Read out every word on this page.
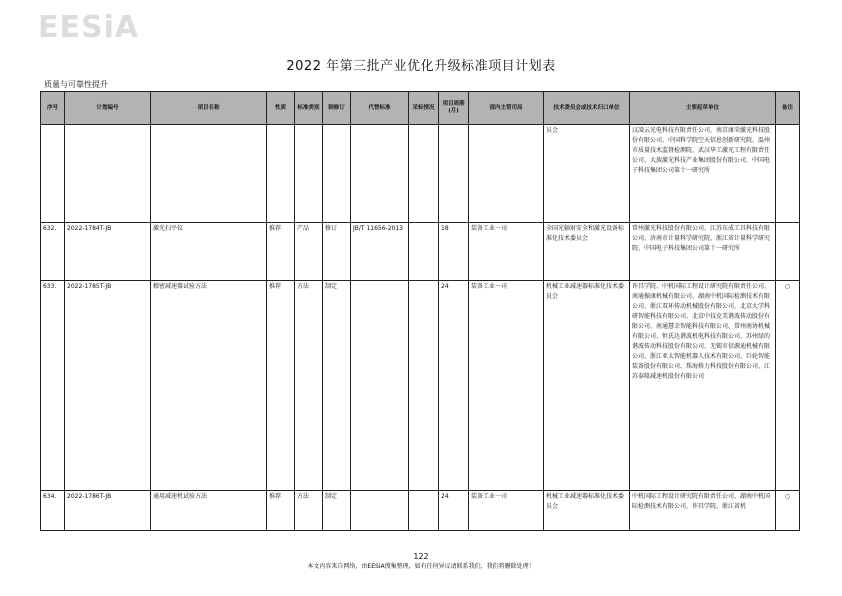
EESiA
2022 年第三批产业优化升级标准项目计划表
质量与可靠性提升
序号	计划编号	项目名称	性质	标准类别	制修订	代替标准	采标情况	项目周期(月)	部内主管司局	技术委员会或技术归口单位	主要起草单位	备注
										员会	汉凌云光电科技有限责任公司、南京康荣激光科技股份有限公司、中国科学院空天信息创新研究院、温州市质量技术监督检测院、武汉华工激光工程有限责任公司、大族激光科技产业集团股份有限公司、中国电子科技集团公司第十一研究所	
632.	2022-1784T-JB	激光扫平仪	推荐	产品	修订	JB/T 11656-2013		18	装备工业一司	全国光辐射安全和激光设备标准化技术委员会	常州激光科技股份有限公司、江苏东成工具科技有限公司、济南市计量科学研究院、浙江省计量科学研究院、中国电子科技集团公司第十一研究所	
633.	2022-1785T-JB	精密减速器试验方法	推荐	方法	制定			24	装备工业一司	机械工业减速器标准化技术委员会	许昌学院、中机国际工程设计研究院有限责任公司、南通振康机械有限公司、湖南中机国际检测技术有限公司、浙江双环传动机械股份有限公司、北京大学科研智能科技有限公司、北京中技克美谐波传动股份有限公司、南通慧幸智能科技有限公司、常州南协机械有限公司、恒氏达谐波机电科技有限公司、苏州绿的谐波传动科技股份有限公司、无锡市信源迪机械有限公司、浙江亚太智能机器人技术有限公司、巨轮智能装备股份有限公司、珠海格力科技股份有限公司、江苏泰隆减速机股份有限公司	○
634.	2022-1786T-JB	通用减速机试验方法	推荐	方法	制定			24	装备工业一司	机械工业减速器标准化技术委员会	中机国际工程设计研究院有限责任公司、湖南中机国际检测技术有限公司、许昌学院、浙江省机	○
122
本文内容来自网络，由EESiA搜集整理，如有任何异议请联系我们，我们将删除处理！
